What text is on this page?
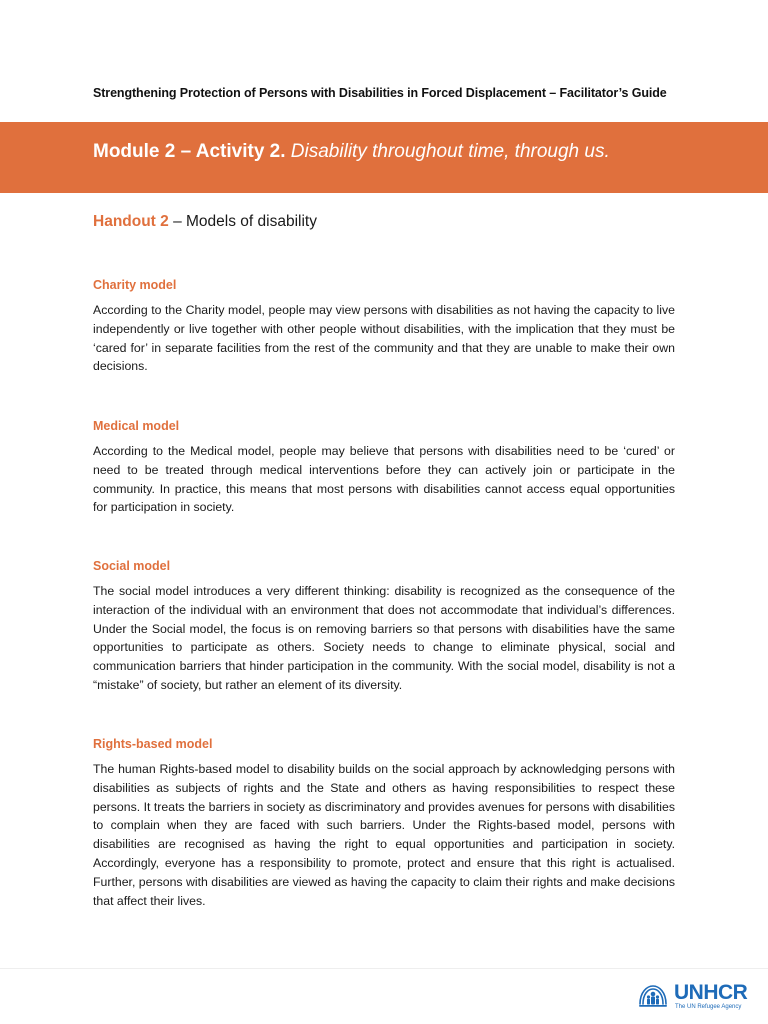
Strengthening Protection of Persons with Disabilities in Forced Displacement – Facilitator’s Guide
Module 2 – Activity 2. Disability throughout time, through us.
Handout 2 – Models of disability
Charity model

According to the Charity model, people may view persons with disabilities as not having the capacity to live independently or live together with other people without disabilities, with the implication that they must be ‘cared for’ in separate facilities from the rest of the community and that they are unable to make their own decisions.

Medical model

According to the Medical model, people may believe that persons with disabilities need to be ‘cured’ or need to be treated through medical interventions before they can actively join or participate in the community. In practice, this means that most persons with disabilities cannot access equal opportunities for participation in society.

Social model

The social model introduces a very different thinking: disability is recognized as the consequence of the interaction of the individual with an environment that does not accommodate that individual’s differences. Under the Social model, the focus is on removing barriers so that persons with disabilities have the same opportunities to participate as others. Society needs to change to eliminate physical, social and communication barriers that hinder participation in the community. With the social model, disability is not a “mistake” of society, but rather an element of its diversity.

Rights-based model

The human Rights-based model to disability builds on the social approach by acknowledging persons with disabilities as subjects of rights and the State and others as having responsibilities to respect these persons. It treats the barriers in society as discriminatory and provides avenues for persons with disabilities to complain when they are faced with such barriers. Under the Rights-based model, persons with disabilities are recognised as having the right to equal opportunities and participation in society. Accordingly, everyone has a responsibility to promote, protect and ensure that this right is actualised. Further, persons with disabilities are viewed as having the capacity to claim their rights and make decisions that affect their lives.

UNHCR
The UN Refugee Agency
